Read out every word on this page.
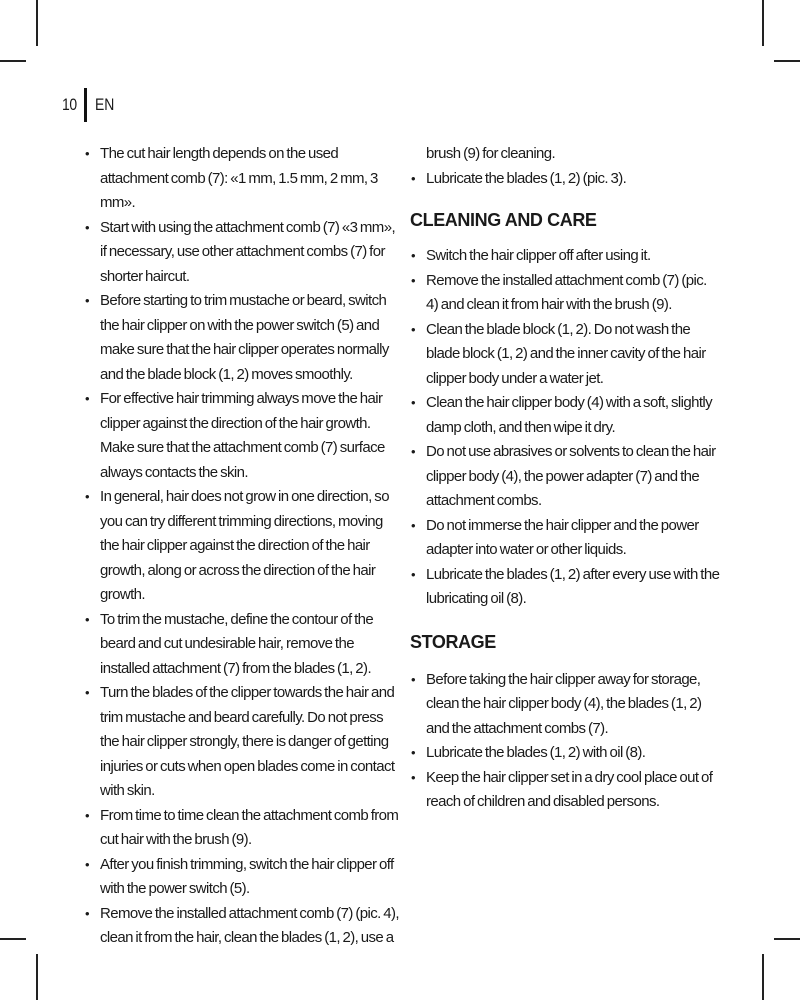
10 EN
• The cut hair length depends on the used attachment comb (7): «1 mm, 1.5 mm, 2 mm, 3 mm».
• Start with using the attachment comb (7) «3 mm», if necessary, use other attachment combs (7) for shorter haircut.
• Before starting to trim mustache or beard, switch the hair clipper on with the power switch (5) and make sure that the hair clipper operates normally and the blade block (1, 2) moves smoothly.
• For effective hair trimming always move the hair clipper against the direction of the hair growth. Make sure that the attachment comb (7) surface always contacts the skin.
• In general, hair does not grow in one direction, so you can try different trimming directions, moving the hair clipper against the direction of the hair growth, along or across the direction of the hair growth.
• To trim the mustache, define the contour of the beard and cut undesirable hair, remove the installed attachment (7) from the blades (1, 2).
• Turn the blades of the clipper towards the hair and trim mustache and beard carefully. Do not press the hair clipper strongly, there is danger of getting injuries or cuts when open blades come in contact with skin.
• From time to time clean the attachment comb from cut hair with the brush (9).
• After you finish trimming, switch the hair clipper off with the power switch (5).
• Remove the installed attachment comb (7) (pic. 4), clean it from the hair, clean the blades (1, 2), use a
brush (9) for cleaning.
• Lubricate the blades (1, 2) (pic. 3).
CLEANING AND CARE
• Switch the hair clipper off after using it.
• Remove the installed attachment comb (7) (pic. 4) and clean it from hair with the brush (9).
• Clean the blade block (1, 2). Do not wash the blade block (1, 2) and the inner cavity of the hair clipper body under a water jet.
• Clean the hair clipper body (4) with a soft, slightly damp cloth, and then wipe it dry.
• Do not use abrasives or solvents to clean the hair clipper body (4), the power adapter (7) and the attachment combs.
• Do not immerse the hair clipper and the power adapter into water or other liquids.
• Lubricate the blades (1, 2) after every use with the lubricating oil (8).
STORAGE
• Before taking the hair clipper away for storage, clean the hair clipper body (4), the blades (1, 2) and the attachment combs (7).
• Lubricate the blades (1, 2) with oil (8).
• Keep the hair clipper set in a dry cool place out of reach of children and disabled persons.
